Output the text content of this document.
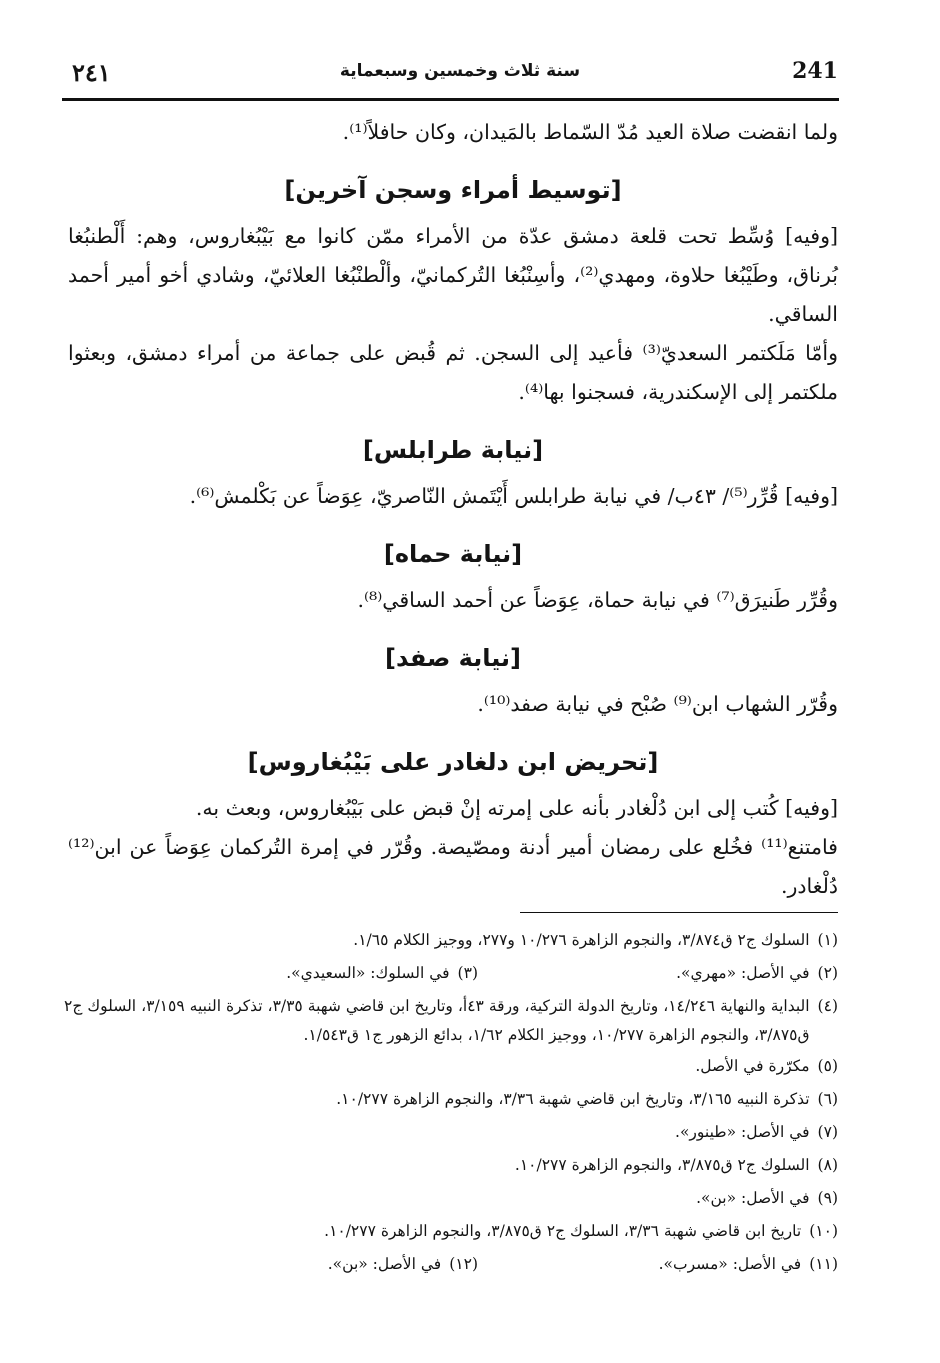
241
سنة ثلاث وخمسين وسبعماية
٢٤١

ولما انقضت صلاة العيد مُدّ السّماط بالمَيدان، وكان حافلاً⁽¹⁾.

[توسيط أمراء وسجن آخرين]

[وفيه] وُسِّط تحت قلعة دمشق عدّة من الأمراء ممّن كانوا مع بَيْبُغاروس، وهم: أَلْطنبُغا بُرناق، وطَيْبُغا حلاوة، ومهدي⁽²⁾، وأسِنْبُغا التُركمانيّ، وألْطنْبُغا العلائيّ، وشادي أخو أمير أحمد الساقي.

وأمّا مَلَكتمر السعديّ⁽³⁾ فأعيد إلى السجن. ثم قُبض على جماعة من أمراء دمشق، وبعثوا ملكتمر إلى الإسكندرية، فسجنوا بها⁽⁴⁾.

[نيابة طرابلس]

[وفيه] قُرِّر⁽⁵⁾/ ٤٣ب/ في نيابة طرابلس أَيْتَمش النّاصريّ، عِوَضاً عن بَكْلمش⁽⁶⁾.

[نيابة حماه]

وقُرِّر طَنيرَق⁽⁷⁾ في نيابة حماة، عِوَضاً عن أحمد الساقي⁽⁸⁾.

[نيابة صفد]

وقُرّر الشهاب ابن⁽⁹⁾ صُبْح في نيابة صفد⁽¹⁰⁾.

[تحريض ابن دلغادر على بَيْبُغاروس]

[وفيه] كُتب إلى ابن دُلْغادر بأنه على إمرته إنْ قبض على بَيْبُغاروس، وبعث به.

فامتنع⁽¹¹⁾ فخُلع على رمضان أمير أدنة ومصّيصة. وقُرّر في إمرة التُركمان عِوَضاً عن ابن⁽¹²⁾ دُلْغادر.

(١)
السلوك ج٢ ق٣/٨٧٤، والنجوم الزاهرة ١٠/٢٧٦ و٢٧٧، ووجيز الكلام ١/٦٥.
(٢)
في الأصل: «مهري».
(٣)
في السلوك: «السعيدي».
(٤)
البداية والنهاية ١٤/٢٤٦، وتاريخ الدولة التركية، ورقة ٤٣أ، وتاريخ ابن قاضي شهبة ٣/٣٥، تذكرة النبيه ٣/١٥٩، السلوك ج٢ ق٣/٨٧٥، والنجوم الزاهرة ١٠/٢٧٧، ووجيز الكلام ١/٦٢، بدائع الزهور ج١ ق١/٥٤٣.
(٥)
مكرّرة في الأصل.
(٦)
تذكرة النبيه ٣/١٦٥، وتاريخ ابن قاضي شهبة ٣/٣٦، والنجوم الزاهرة ١٠/٢٧٧.
(٧)
في الأصل: «طينور».
(٨)
السلوك ج٢ ق٣/٨٧٥، والنجوم الزاهرة ١٠/٢٧٧.
(٩)
في الأصل: «بن».
(١٠)
تاريخ ابن قاضي شهبة ٣/٣٦، السلوك ج٢ ق٣/٨٧٥، والنجوم الزاهرة ١٠/٢٧٧.
(١١)
في الأصل: «مسرب».
(١٢)
في الأصل: «بن».
